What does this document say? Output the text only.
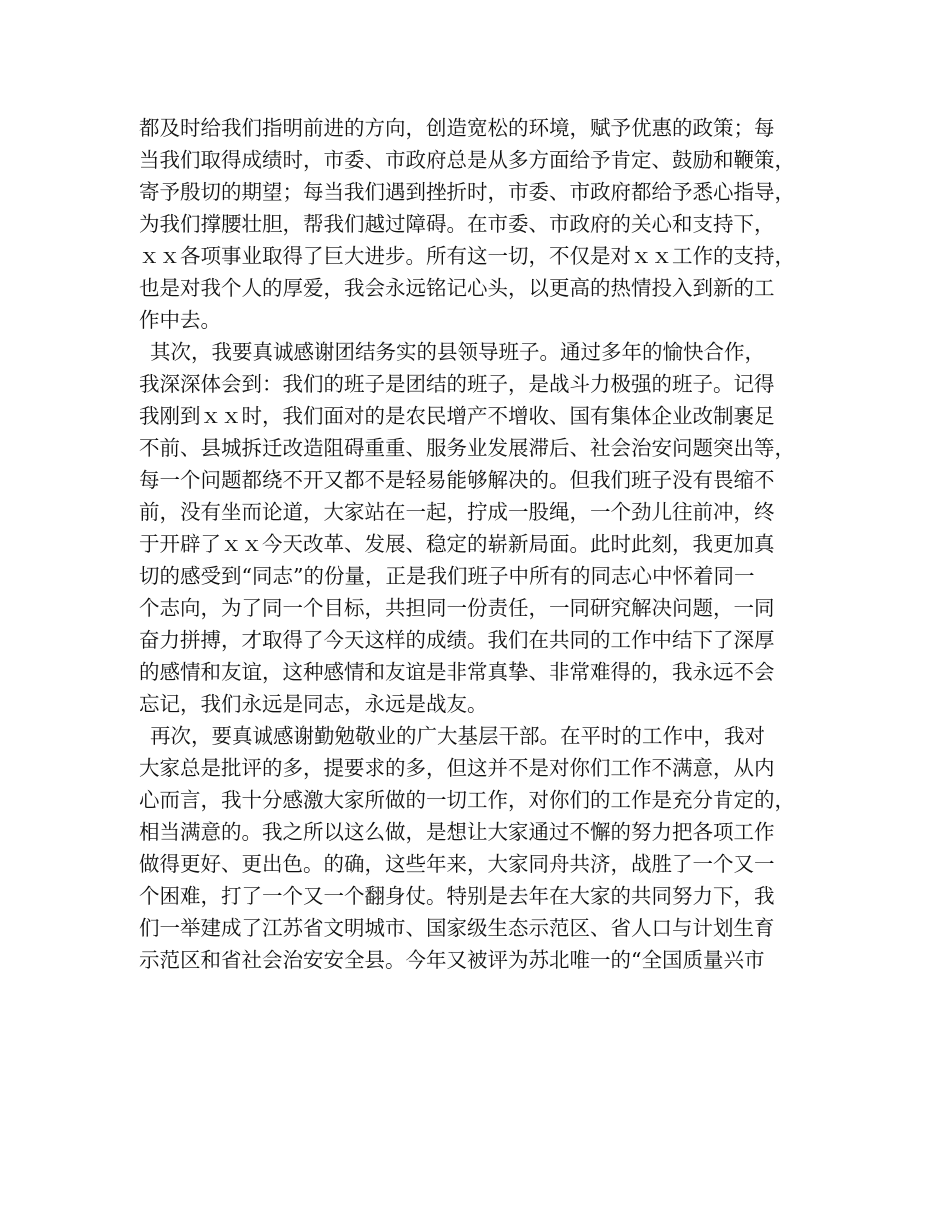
都及时给我们指明前进的方向，创造宽松的环境，赋予优惠的政策；每
当我们取得成绩时，市委、市政府总是从多方面给予肯定、鼓励和鞭策，
寄予殷切的期望；每当我们遇到挫折时，市委、市政府都给予悉心指导，
为我们撑腰壮胆，帮我们越过障碍。在市委、市政府的关心和支持下，
ｘｘ各项事业取得了巨大进步。所有这一切，不仅是对ｘｘ工作的支持，
也是对我个人的厚爱，我会永远铭记心头，以更高的热情投入到新的工
作中去。
其次，我要真诚感谢团结务实的县领导班子。通过多年的愉快合作，
我深深体会到：我们的班子是团结的班子，是战斗力极强的班子。记得
我刚到ｘｘ时，我们面对的是农民增产不增收、国有集体企业改制裹足
不前、县城拆迁改造阻碍重重、服务业发展滞后、社会治安问题突出等，
每一个问题都绕不开又都不是轻易能够解决的。但我们班子没有畏缩不
前，没有坐而论道，大家站在一起，拧成一股绳，一个劲儿往前冲，终
于开辟了ｘｘ今天改革、发展、稳定的崭新局面。此时此刻，我更加真
切的感受到“同志”的份量，正是我们班子中所有的同志心中怀着同一
个志向，为了同一个目标，共担同一份责任，一同研究解决问题，一同
奋力拼搏，才取得了今天这样的成绩。我们在共同的工作中结下了深厚
的感情和友谊，这种感情和友谊是非常真挚、非常难得的，我永远不会
忘记，我们永远是同志，永远是战友。
再次，要真诚感谢勤勉敬业的广大基层干部。在平时的工作中，我对
大家总是批评的多，提要求的多，但这并不是对你们工作不满意，从内
心而言，我十分感激大家所做的一切工作，对你们的工作是充分肯定的，
相当满意的。我之所以这么做，是想让大家通过不懈的努力把各项工作
做得更好、更出色。的确，这些年来，大家同舟共济，战胜了一个又一
个困难，打了一个又一个翻身仗。特别是去年在大家的共同努力下，我
们一举建成了江苏省文明城市、国家级生态示范区、省人口与计划生育
示范区和省社会治安安全县。今年又被评为苏北唯一的“全国质量兴市
